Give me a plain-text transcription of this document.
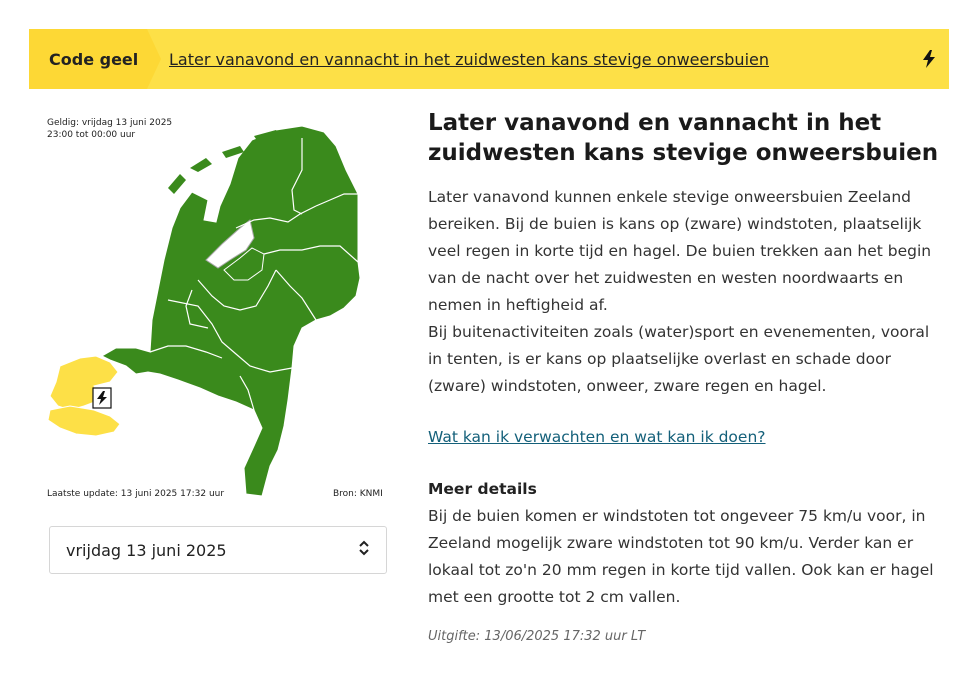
Code geel	Later vanavond en vannacht in het zuidwesten kans stevige onweersbuien
Geldig: vrijdag 13 juni 2025
23:00 tot 00:00 uur
Laatste update: 13 juni 2025 17:32 uur	Bron: KNMI
vrijdag 13 juni 2025
Later vanavond en vannacht in het zuidwesten kans stevige onweersbuien

Later vanavond kunnen enkele stevige onweersbuien Zeeland bereiken. Bij de buien is kans op (zware) windstoten, plaatselijk veel regen in korte tijd en hagel. De buien trekken aan het begin van de nacht over het zuidwesten en westen noordwaarts en nemen in heftigheid af.

Bij buitenactiviteiten zoals (water)sport en evenementen, vooral in tenten, is er kans op plaatselijke overlast en schade door (zware) windstoten, onweer, zware regen en hagel.

Wat kan ik verwachten en wat kan ik doen?
Meer details

Bij de buien komen er windstoten tot ongeveer 75 km/u voor, in Zeeland mogelijk zware windstoten tot 90 km/u. Verder kan er lokaal tot zo'n 20 mm regen in korte tijd vallen. Ook kan er hagel met een grootte tot 2 cm vallen.

Uitgifte: 13/06/2025 17:32 uur LT
